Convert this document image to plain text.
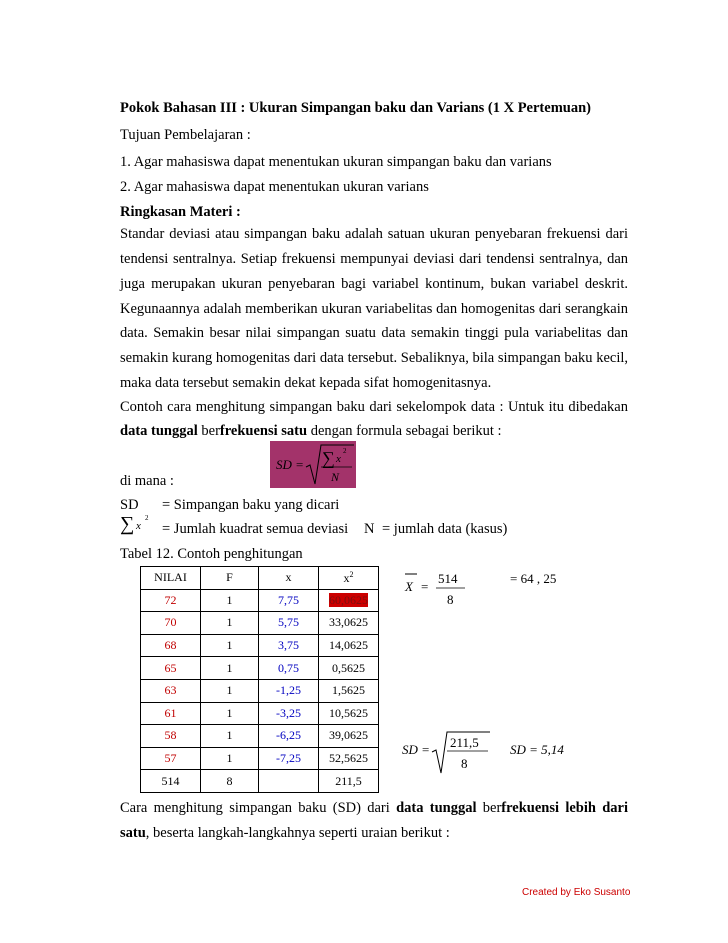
Pokok Bahasan III : Ukuran Simpangan baku dan Varians (1 X Pertemuan)
Tujuan Pembelajaran :
1. Agar mahasiswa dapat menentukan ukuran simpangan baku dan varians
2. Agar mahasiswa dapat menentukan ukuran varians
Ringkasan Materi :
Standar deviasi atau simpangan baku adalah satuan ukuran penyebaran frekuensi dari
tendensi sentralnya. Setiap frekuensi mempunyai deviasi dari tendensi sentralnya, dan
juga merupakan ukuran penyebaran bagi variabel kontinum, bukan variabel deskrit.
Kegunaannya adalah memberikan ukuran variabelitas dan homogenitas dari serangkain
data. Semakin besar nilai simpangan suatu data semakin tinggi pula variabelitas dan
semakin kurang homogenitas dari data tersebut. Sebaliknya, bila simpangan baku kecil,
maka data tersebut semakin dekat kepada sifat homogenitasnya.
Contoh cara menghitung simpangan baku dari sekelompok data : Untuk itu dibedakan
data tunggal berfrekuensi satu dengan formula sebagai berikut :
SD = ∑ x
2
N
di mana :
SD = Simpangan baku yang dicari
∑ x
2
= Jumlah kuadrat semua deviasi N = jumlah data (kasus)
Tabel 12. Contoh penghitungan
NILAI	F	x	$x^2$
72	1	7,75	60,0625
70	1	5,75	33,0625
68	1	3,75	14,0625
65	1	0,75	0,5625
63	1	-1,25	1,5625
61	1	-3,25	10,5625
58	1	-6,25	39,0625
57	1	-7,25	52,5625
514	8		211,5
X =
514
8
= 64 , 25
SD = 211,5
8
SD = 5,14
Cara menghitung simpangan baku (SD) dari data tunggal berfrekuensi lebih dari
satu, beserta langkah-langkahnya seperti uraian berikut :
Created by Eko Susanto
